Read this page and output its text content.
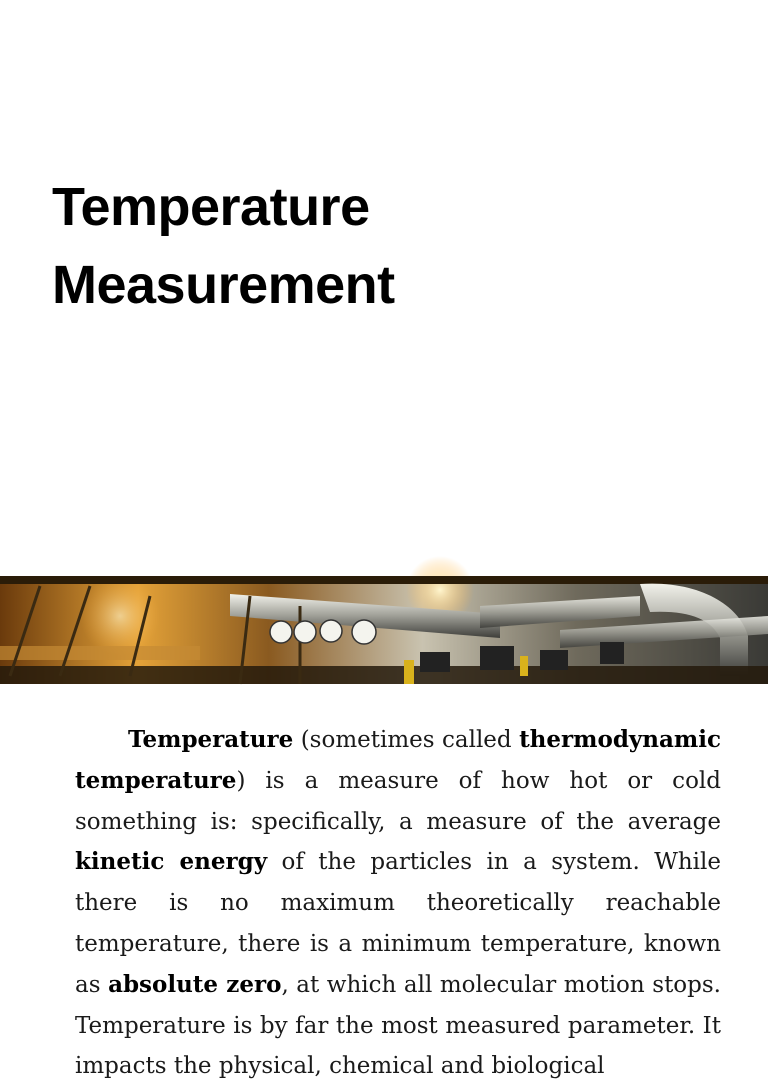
Temperature
Measurement

Temperature (sometimes called thermodynamic temperature) is a measure of how hot or cold something is: specifically, a measure of the average kinetic energy of the particles in a system. While there is no maximum theoretically reachable temperature, there is a minimum temperature, known as absolute zero, at which all molecular motion stops. Temperature is by far the most measured parameter. It impacts the physical, chemical and biological
